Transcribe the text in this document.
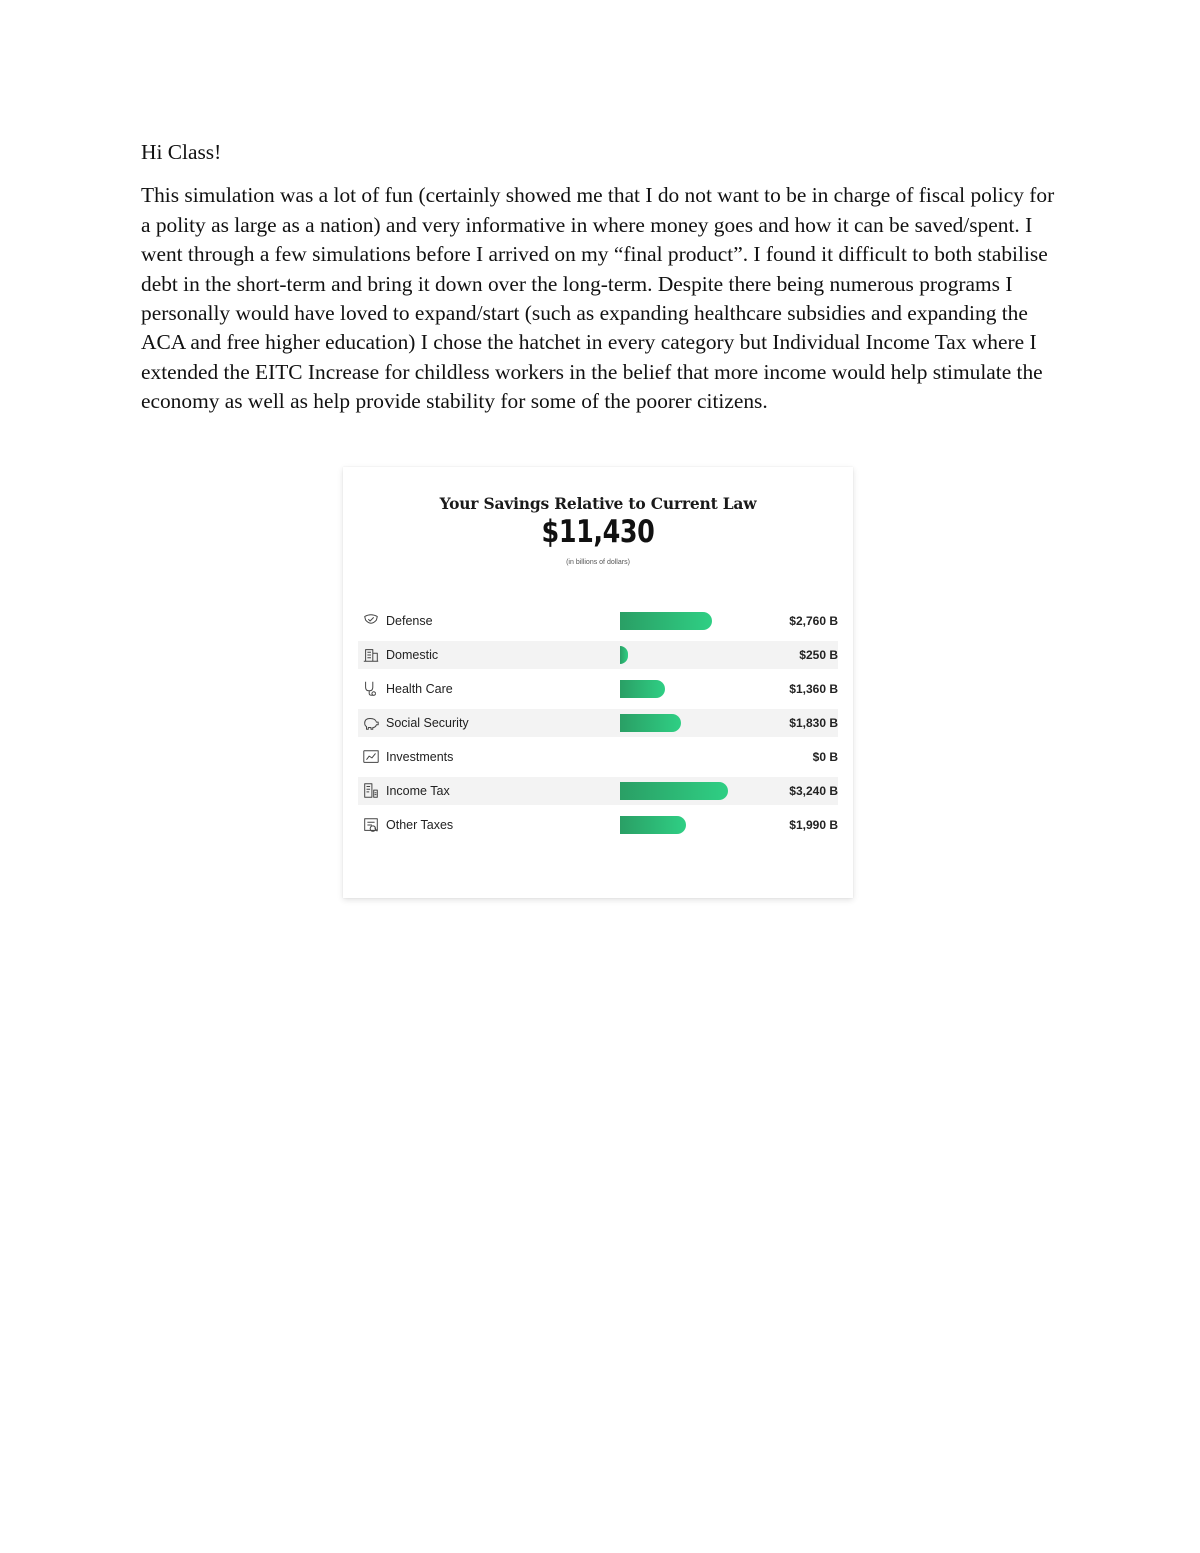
Hi Class!

This simulation was a lot of fun (certainly showed me that I do not want to be in charge of fiscal policy for a polity as large as a nation) and very informative in where money goes and how it can be saved/spent. I went through a few simulations before I arrived on my “final product”. I found it difficult to both stabilise debt in the short-term and bring it down over the long-term. Despite there being numerous programs I personally would have loved to expand/start (such as expanding healthcare subsidies and expanding the ACA and free higher education) I chose the hatchet in every category but Individual Income Tax where I extended the EITC Increase for childless workers in the belief that more income would help stimulate the economy as well as help provide stability for some of the poorer citizens.

Your Savings Relative to Current Law
$11,430
(in billions of dollars)
Defense	$2,760 B
Domestic	$250 B
Health Care	$1,360 B
Social Security	$1,830 B
Investments	$0 B
Income Tax	$3,240 B
Other Taxes	$1,990 B
